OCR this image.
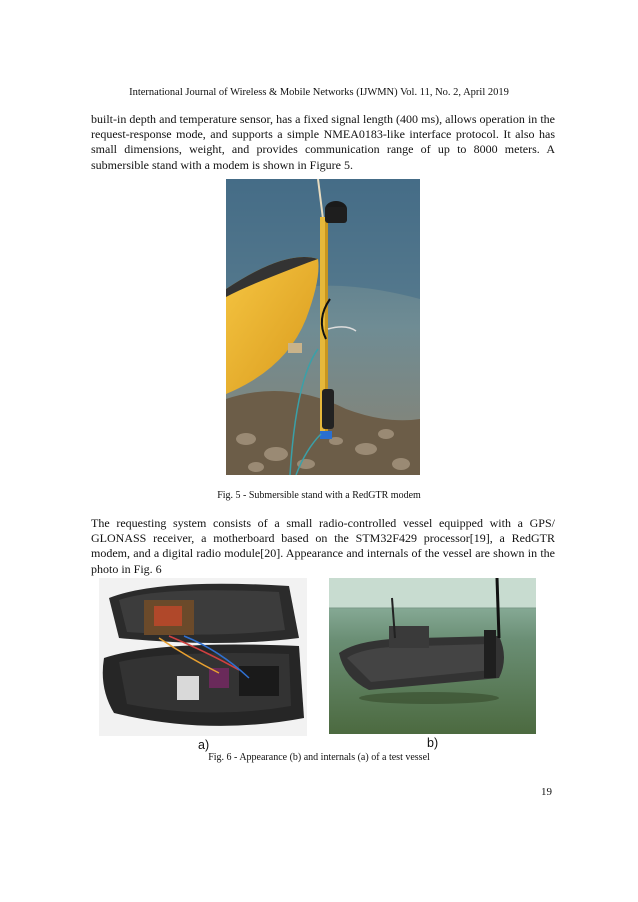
International Journal of Wireless & Mobile Networks (IJWMN) Vol. 11, No. 2, April 2019
built-in depth and temperature sensor, has a fixed signal length (400 ms), allows operation in the request-response mode, and supports a simple NMEA0183-like interface protocol. It also has small dimensions, weight, and provides communication range of up to 8000 meters. A submersible stand with a modem is shown in Figure 5.
Fig. 5 - Submersible stand with a RedGTR modem
The requesting system consists of a small radio-controlled vessel equipped with a GPS/ GLONASS receiver, a motherboard based on the STM32F429 processor[19], a RedGTR modem, and a digital radio module[20]. Appearance and internals of the vessel are shown in the photo in Fig. 6
a)	b)
Fig. 6 - Appearance (b) and internals (a) of a test vessel
19
